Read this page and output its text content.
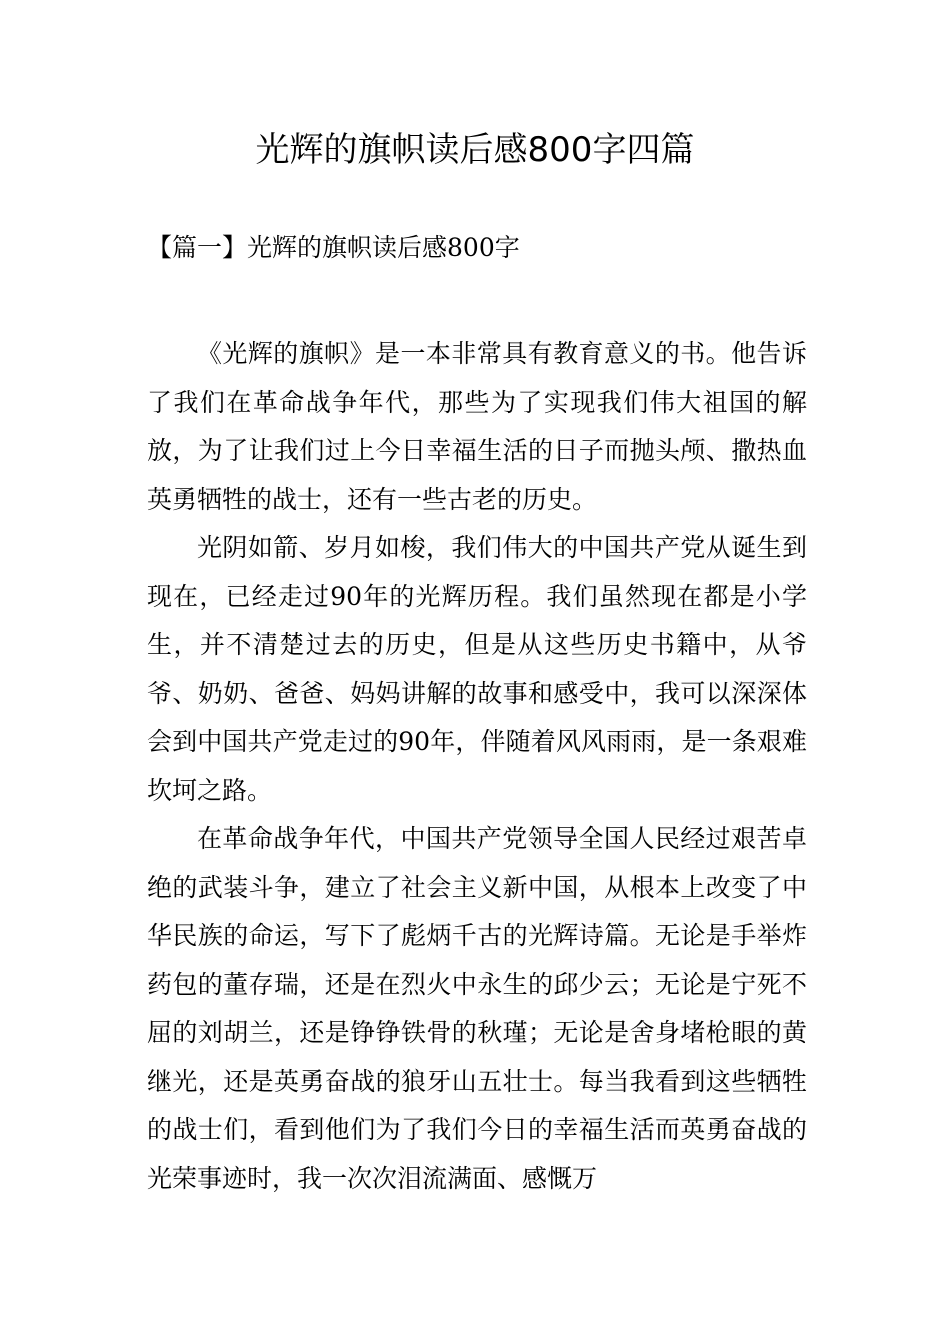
光辉的旗帜读后感800字四篇
【篇一】光辉的旗帜读后感800字

《光辉的旗帜》是一本非常具有教育意义的书。他告诉了我们在革命战争年代，那些为了实现我们伟大祖国的解放，为了让我们过上今日幸福生活的日子而抛头颅、撒热血英勇牺牲的战士，还有一些古老的历史。

光阴如箭、岁月如梭，我们伟大的中国共产党从诞生到现在，已经走过90年的光辉历程。我们虽然现在都是小学生，并不清楚过去的历史，但是从这些历史书籍中，从爷爷、奶奶、爸爸、妈妈讲解的故事和感受中，我可以深深体会到中国共产党走过的90年，伴随着风风雨雨，是一条艰难坎坷之路。

在革命战争年代，中国共产党领导全国人民经过艰苦卓绝的武装斗争，建立了社会主义新中国，从根本上改变了中华民族的命运，写下了彪炳千古的光辉诗篇。无论是手举炸药包的董存瑞，还是在烈火中永生的邱少云；无论是宁死不屈的刘胡兰，还是铮铮铁骨的秋瑾；无论是舍身堵枪眼的黄继光，还是英勇奋战的狼牙山五壮士。每当我看到这些牺牲的战士们，看到他们为了我们今日的幸福生活而英勇奋战的光荣事迹时，我一次次泪流满面、感慨万
